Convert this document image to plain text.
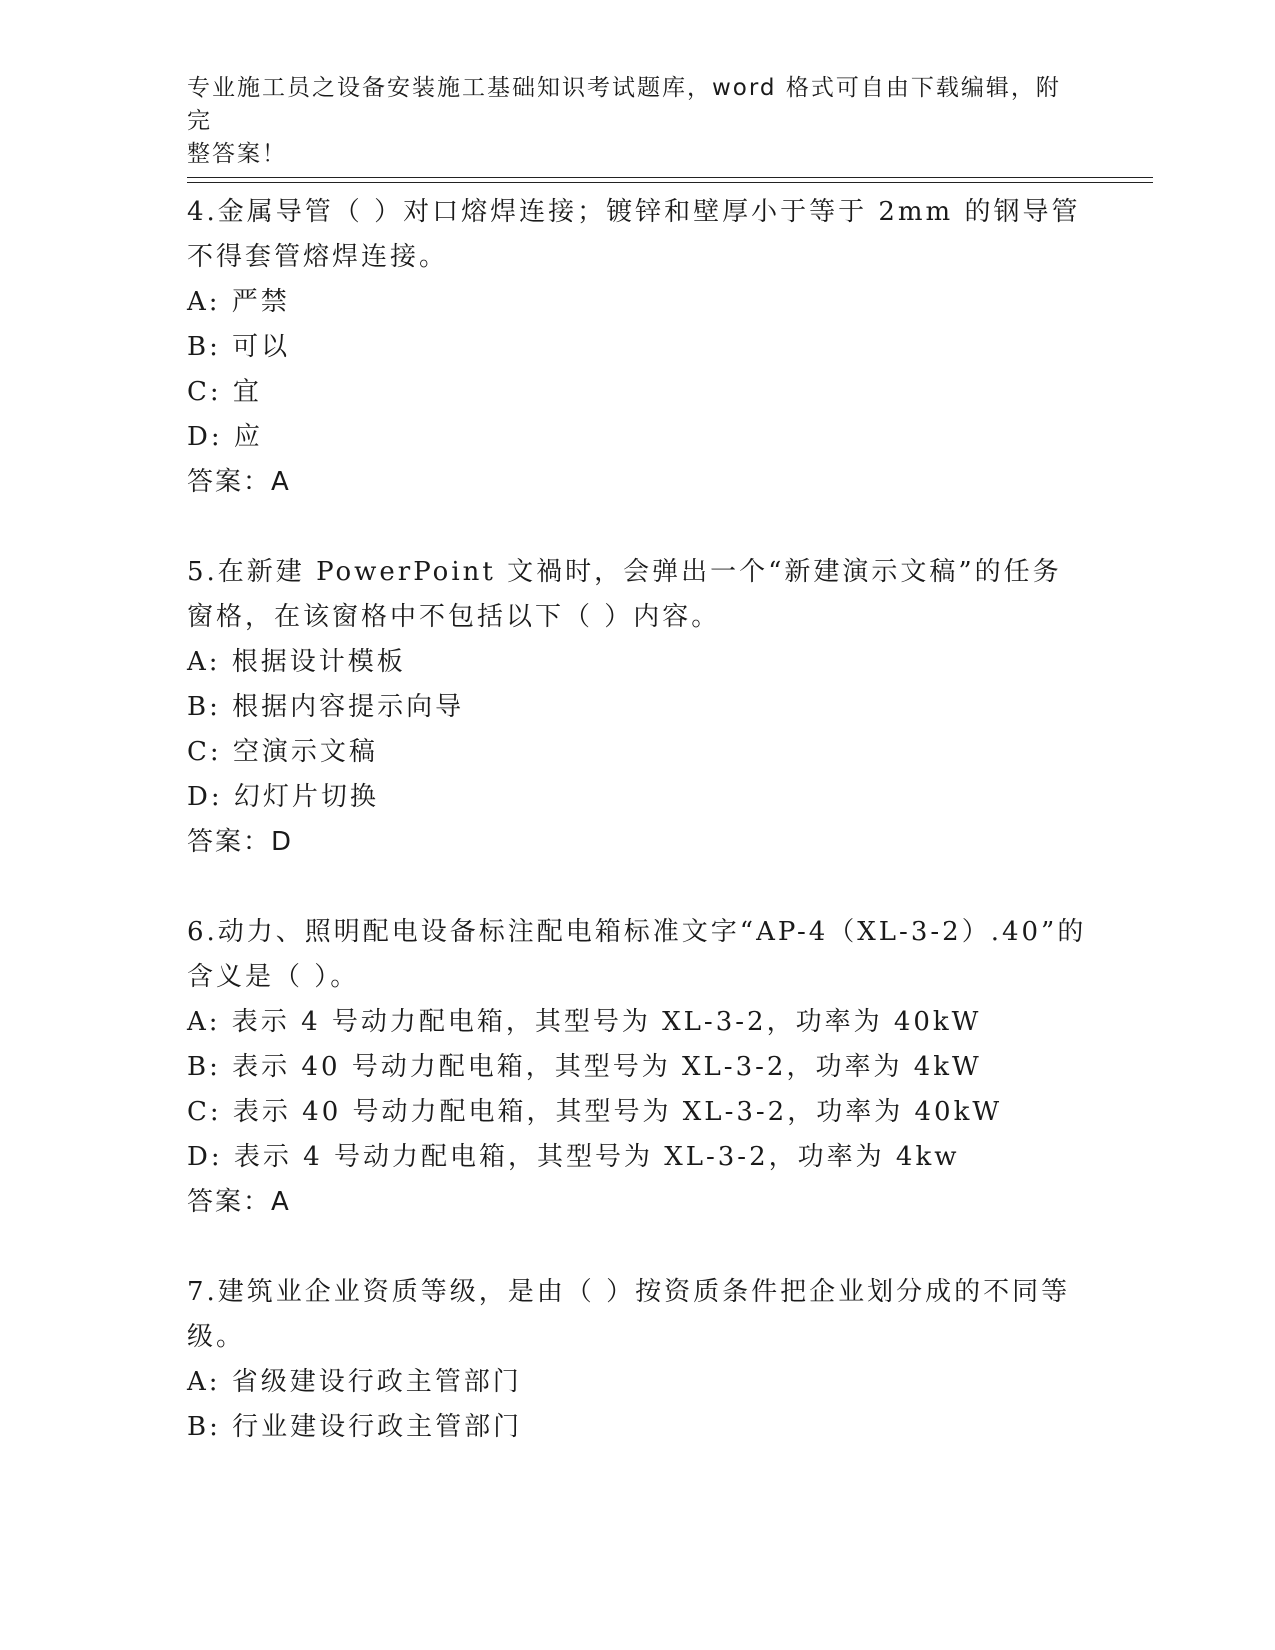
专业施工员之设备安装施工基础知识考试题库，word 格式可自由下载编辑，附完
整答案！

4.金属导管（ ）对口熔焊连接；镀锌和壁厚小于等于 2mm 的钢导管不得套管熔焊连接。

A: 严禁
B: 可以
C: 宜
D: 应
答案：A

5.在新建 PowerPoint 文禍时，会弹出一个“新建演示文稿”的任务窗格，在该窗格中不包括以下（ ）内容。

A: 根据设计模板
B: 根据内容提示向导
C: 空演示文稿
D: 幻灯片切换
答案：D

6.动力、照明配电设备标注配电箱标准文字“AP-4（XL-3-2）.40”的含义是（ ）。

A: 表示 4 号动力配电箱，其型号为 XL-3-2，功率为 40kW
B: 表示 40 号动力配电箱，其型号为 XL-3-2，功率为 4kW
C: 表示 40 号动力配电箱，其型号为 XL-3-2，功率为 40kW
D: 表示 4 号动力配电箱，其型号为 XL-3-2，功率为 4kw
答案：A

7.建筑业企业资质等级，是由（ ）按资质条件把企业划分成的不同等级。

A: 省级建设行政主管部门
B: 行业建设行政主管部门
